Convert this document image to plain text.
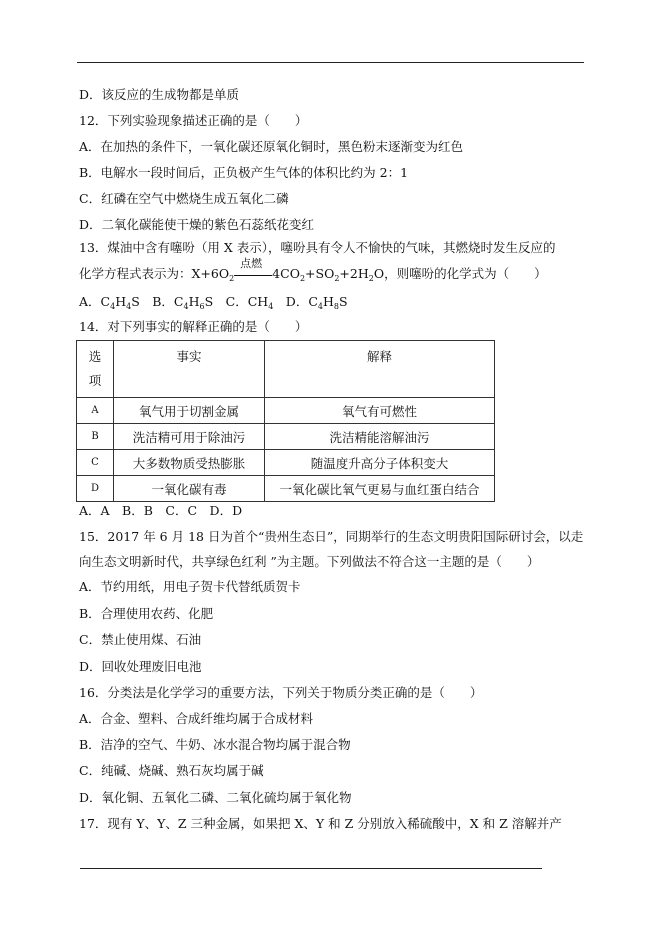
D．该反应的生成物都是单质
12．下列实验现象描述正确的是（　　）
A．在加热的条件下，一氧化碳还原氧化铜时，黑色粉末逐渐变为红色
B．电解水一段时间后，正负极产生气体的体积比约为 2：1
C．红磷在空气中燃烧生成五氧化二磷
D．二氧化碳能使干燥的紫色石蕊纸花变红
13．煤油中含有噻吩（用 X 表示），噻吩具有令人不愉快的气味，其燃烧时发生反应的
化学方程式表示为：$X+6O_2$
点燃
$4CO_2+SO_2+2H_2O$，则噻吩的化学式为（　　）
A．$C_4H_4S$　B．$C_4H_6S$　C．$CH_4$　D．$C_4H_8S$
14．对下列事实的解释正确的是（　　）
选
项	事实	解释
A	氧气用于切割金属	氧气有可燃性
B	洗洁精可用于除油污	洗洁精能溶解油污
C	大多数物质受热膨胀	随温度升高分子体积变大
D	一氧化碳有毒	一氧化碳比氧气更易与血红蛋白结合
A．A　B．B　C．C　D．D
15．2017 年 6 月 18 日为首个“贵州生态日”，同期举行的生态文明贵阳国际研讨会，以走
向生态文明新时代，共享绿色红利 ”为主题。下列做法不符合这一主题的是（　　）
A．节约用纸，用电子贺卡代替纸质贺卡
B．合理使用农药、化肥
C．禁止使用煤、石油
D．回收处理废旧电池
16．分类法是化学学习的重要方法，下列关于物质分类正确的是（　　）
A．合金、塑料、合成纤维均属于合成材料
B．洁净的空气、牛奶、冰水混合物均属于混合物
C．纯碱、烧碱、熟石灰均属于碱
D．氧化铜、五氧化二磷、二氧化硫均属于氧化物
17．现有 Y、Y、Z 三种金属，如果把 X、Y 和 Z 分别放入稀硫酸中，X 和 Z 溶解并产
